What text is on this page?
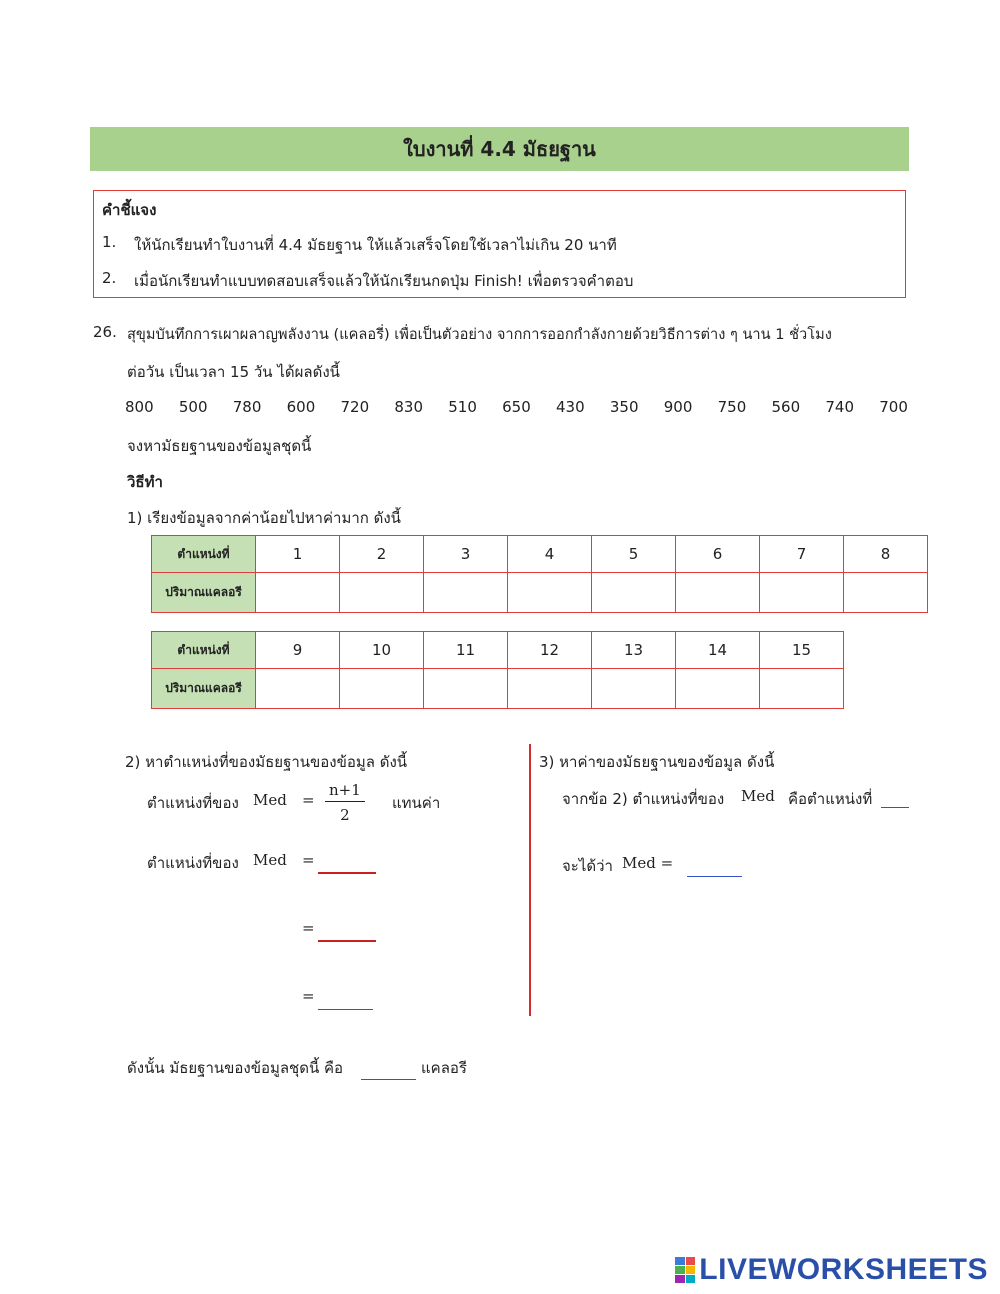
ใบงานที่ 4.4 มัธยฐาน
คำชี้แจง
1.	ให้นักเรียนทำใบงานที่ 4.4 มัธยฐาน ให้แล้วเสร็จโดยใช้เวลาไม่เกิน 20 นาที
2.	เมื่อนักเรียนทำแบบทดสอบเสร็จแล้วให้นักเรียนกดปุ่ม Finish! เพื่อตรวจคำตอบ
26. สุขุมบันทึกการเผาผลาญพลังงาน (แคลอรี่) เพื่อเป็นตัวอย่าง จากการออกกำลังกายด้วยวิธีการต่าง ๆ นาน 1 ชั่วโมง
ต่อวัน เป็นเวลา 15 วัน ได้ผลดังนี้
800 500 780 600 720 830 510 650 430 350 900 750 560 740 700
จงหามัธยฐานของข้อมูลชุดนี้
วิธีทำ
1) เรียงข้อมูลจากค่าน้อยไปหาค่ามาก ดังนี้
ตำแหน่งที่	1	2	3	4	5	6	7	8
ปริมาณแคลอรี								
ตำแหน่งที่	9	10	11	12	13	14	15
ปริมาณแคลอรี							
2) หาตำแหน่งที่ของมัธยฐานของข้อมูล ดังนี้
ตำแหน่งที่ของ Med = $\frac{n+1}{2}$ แทนค่า
ตำแหน่งที่ของ Med =
=
=
3) หาค่าของมัธยฐานของข้อมูล ดังนี้
จากข้อ 2) ตำแหน่งที่ของ Med คือตำแหน่งที่
จะได้ว่า Med =
ดังนั้น มัธยฐานของข้อมูลชุดนี้ คือ	แคลอรี
LIVEWORKSHEETS
